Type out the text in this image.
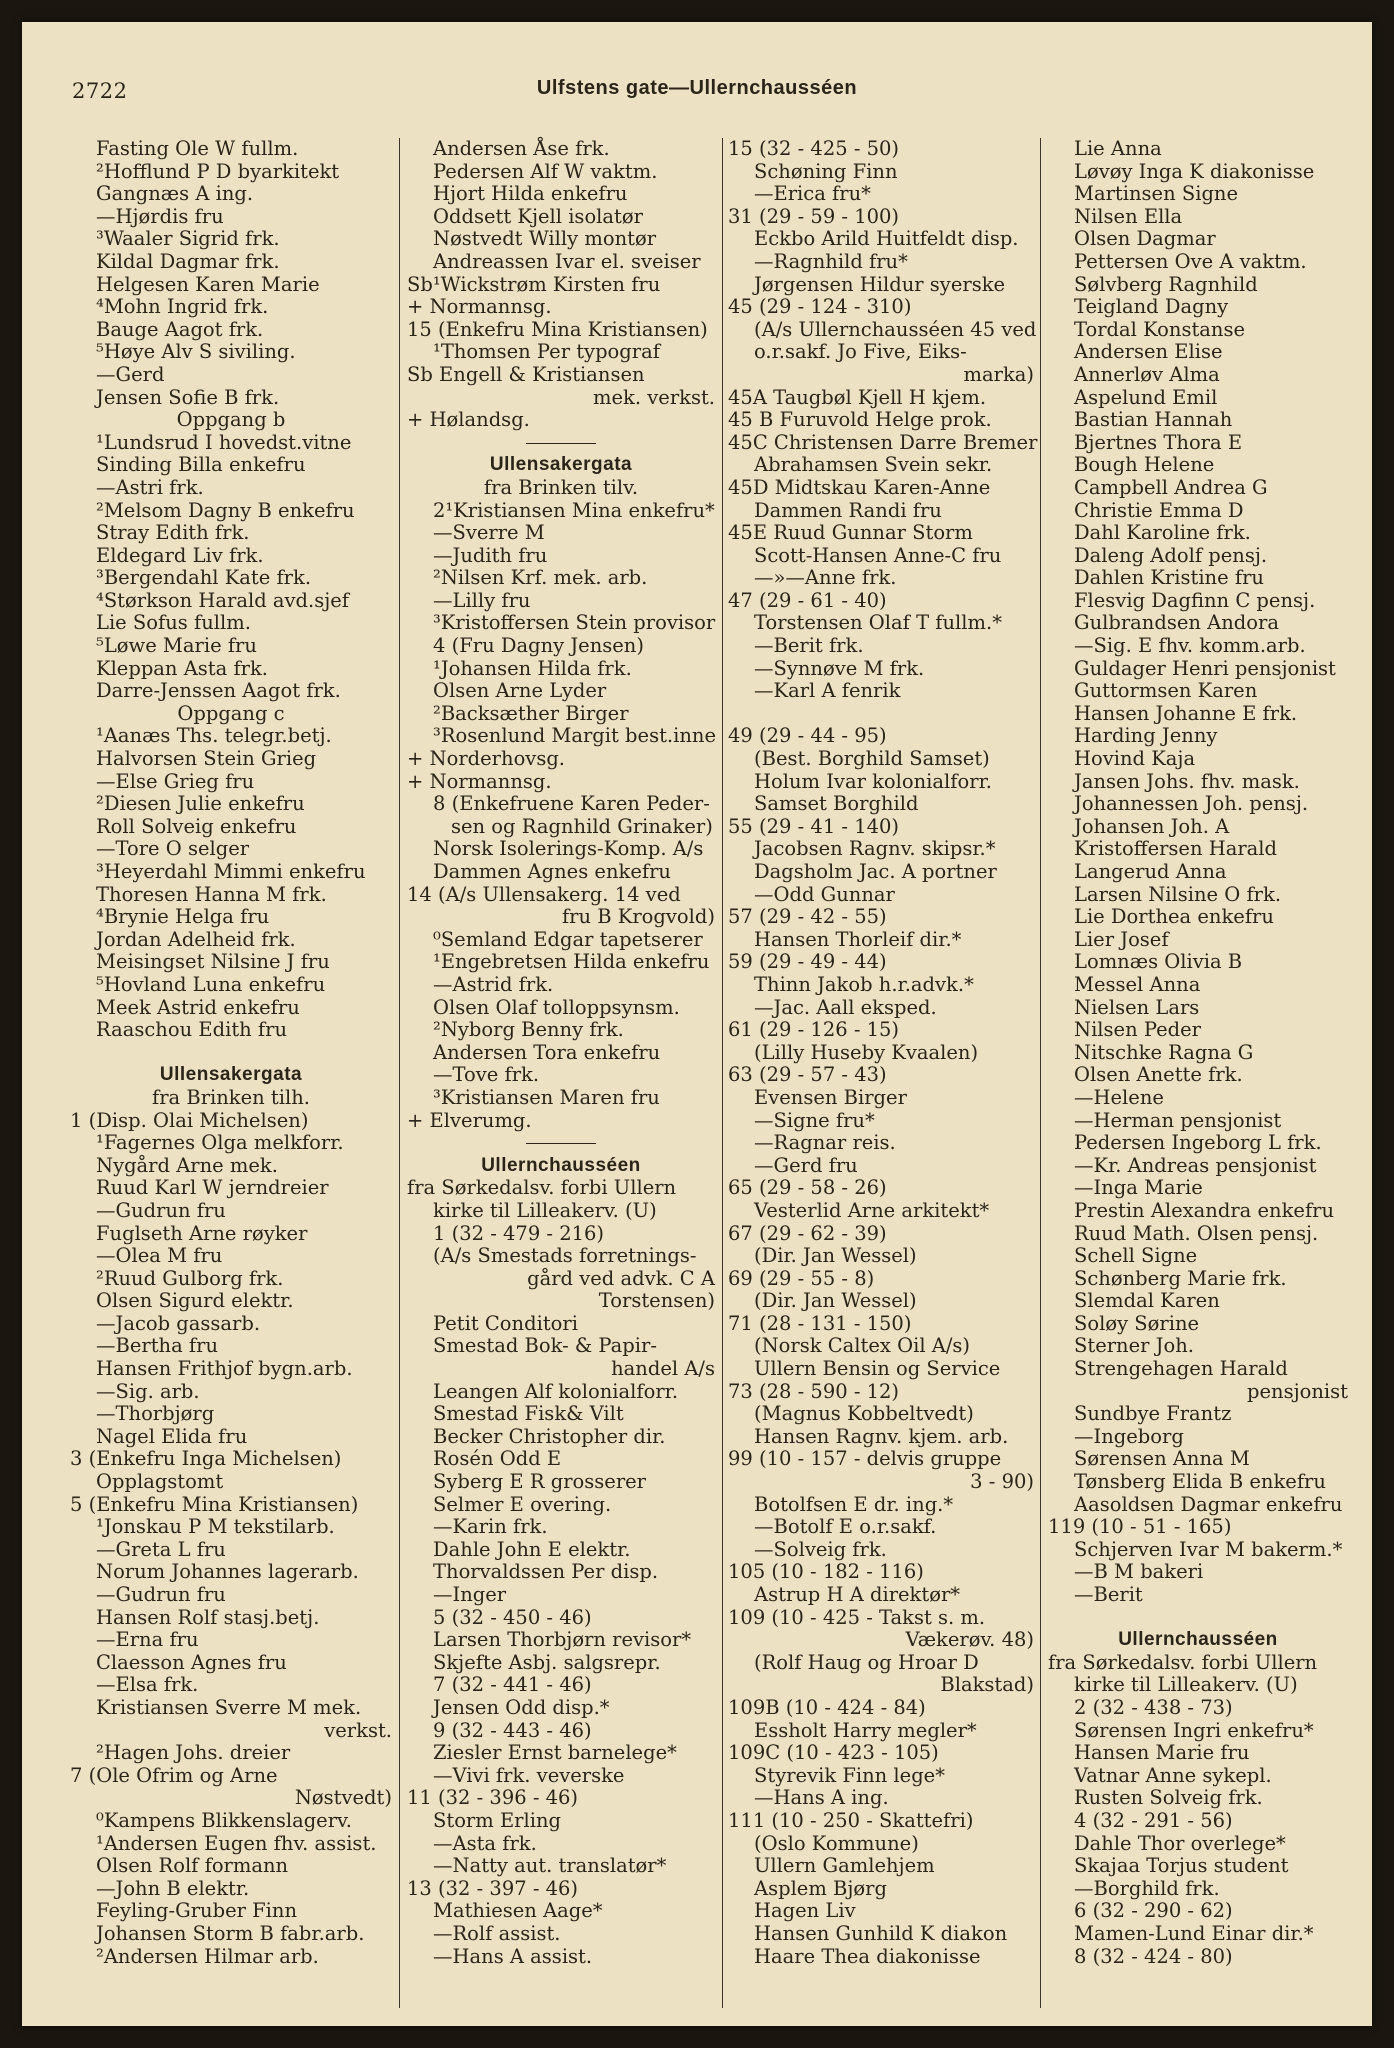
2722	Ulfstens gate—Ullernchausséen
Fasting Ole W fullm.
²Hofflund P D byarkitekt
Gangnæs A ing.
—Hjørdis fru
³Waaler Sigrid frk.
Kildal Dagmar frk.
Helgesen Karen Marie
⁴Mohn Ingrid frk.
Bauge Aagot frk.
⁵Høye Alv S siviling.
—Gerd
Jensen Sofie B frk.
Oppgang b
¹Lundsrud I hovedst.vitne
Sinding Billa enkefru
—Astri frk.
²Melsom Dagny B enkefru
Stray Edith frk.
Eldegard Liv frk.
³Bergendahl Kate frk.
⁴Størkson Harald avd.sjef
Lie Sofus fullm.
⁵Løwe Marie fru
Kleppan Asta frk.
Darre-Jenssen Aagot frk.
Oppgang c
¹Aanæs Ths. telegr.betj.
Halvorsen Stein Grieg
—Else Grieg fru
²Diesen Julie enkefru
Roll Solveig enkefru
—Tore O selger
³Heyerdahl Mimmi enkefru
Thoresen Hanna M frk.
⁴Brynie Helga fru
Jordan Adelheid frk.
Meisingset Nilsine J fru
⁵Hovland Luna enkefru
Meek Astrid enkefru
Raaschou Edith fru
Ullensakergata
fra Brinken tilh.
1 (Disp. Olai Michelsen)
¹Fagernes Olga melkforr.
Nygård Arne mek.
Ruud Karl W jerndreier
—Gudrun fru
Fuglseth Arne røyker
—Olea M fru
²Ruud Gulborg frk.
Olsen Sigurd elektr.
—Jacob gassarb.
—Bertha fru
Hansen Frithjof bygn.arb.
—Sig. arb.
—Thorbjørg
Nagel Elida fru
3 (Enkefru Inga Michelsen)
Opplagstomt
5 (Enkefru Mina Kristiansen)
¹Jonskau P M tekstilarb.
—Greta L fru
Norum Johannes lagerarb.
—Gudrun fru
Hansen Rolf stasj.betj.
—Erna fru
Claesson Agnes fru
—Elsa frk.
Kristiansen Sverre M mek.
verkst.
²Hagen Johs. dreier
7 (Ole Ofrim og Arne
Nøstvedt)
⁰Kampens Blikkenslagerv.
¹Andersen Eugen fhv. assist.
Olsen Rolf formann
—John B elektr.
Feyling-Gruber Finn
Johansen Storm B fabr.arb.
²Andersen Hilmar arb.
Andersen Åse frk.
Pedersen Alf W vaktm.
Hjort Hilda enkefru
Oddsett Kjell isolatør
Nøstvedt Willy montør
Andreassen Ivar el. sveiser
Sb¹Wickstrøm Kirsten fru
+ Normannsg.
15 (Enkefru Mina Kristiansen)
¹Thomsen Per typograf
Sb Engell & Kristiansen
mek. verkst.
+ Hølandsg.
Ullensakergata
fra Brinken tilv.
2¹Kristiansen Mina enkefru*
—Sverre M
—Judith fru
²Nilsen Krf. mek. arb.
—Lilly fru
³Kristoffersen Stein provisor
4 (Fru Dagny Jensen)
¹Johansen Hilda frk.
Olsen Arne Lyder
²Backsæther Birger
³Rosenlund Margit best.inne
+ Norderhovsg.
+ Normannsg.
8 (Enkefruene Karen Peder-
sen og Ragnhild Grinaker)
Norsk Isolerings-Komp. A/s
Dammen Agnes enkefru
14 (A/s Ullensakerg. 14 ved
fru B Krogvold)
⁰Semland Edgar tapetserer
¹Engebretsen Hilda enkefru
—Astrid frk.
Olsen Olaf tolloppsynsm.
²Nyborg Benny frk.
Andersen Tora enkefru
—Tove frk.
³Kristiansen Maren fru
+ Elverumg.
Ullernchausséen
fra Sørkedalsv. forbi Ullern
kirke til Lilleakerv. (U)
1 (32 - 479 - 216)
(A/s Smestads forretnings-
gård ved advk. C A
Torstensen)
Petit Conditori
Smestad Bok- & Papir-
handel A/s
Leangen Alf kolonialforr.
Smestad Fisk& Vilt
Becker Christopher dir.
Rosén Odd E
Syberg E R grosserer
Selmer E overing.
—Karin frk.
Dahle John E elektr.
Thorvaldssen Per disp.
—Inger
5 (32 - 450 - 46)
Larsen Thorbjørn revisor*
Skjefte Asbj. salgsrepr.
7 (32 - 441 - 46)
Jensen Odd disp.*
9 (32 - 443 - 46)
Ziesler Ernst barnelege*
—Vivi frk. veverske
11 (32 - 396 - 46)
Storm Erling
—Asta frk.
—Natty aut. translatør*
13 (32 - 397 - 46)
Mathiesen Aage*
—Rolf assist.
—Hans A assist.
15 (32 - 425 - 50)
Schøning Finn
—Erica fru*
31 (29 - 59 - 100)
Eckbo Arild Huitfeldt disp.
—Ragnhild fru*
Jørgensen Hildur syerske
45 (29 - 124 - 310)
(A/s Ullernchausséen 45 ved
o.r.sakf. Jo Five, Eiks-
marka)
45A Taugbøl Kjell H kjem.
45 B Furuvold Helge prok.
45C Christensen Darre Bremer
Abrahamsen Svein sekr.
45D Midtskau Karen-Anne
Dammen Randi fru
45E Ruud Gunnar Storm
Scott-Hansen Anne-C fru
—»—Anne frk.
47 (29 - 61 - 40)
Torstensen Olaf T fullm.*
—Berit frk.
—Synnøve M frk.
—Karl A fenrik
49 (29 - 44 - 95)
(Best. Borghild Samset)
Holum Ivar kolonialforr.
Samset Borghild
55 (29 - 41 - 140)
Jacobsen Ragnv. skipsr.*
Dagsholm Jac. A portner
—Odd Gunnar
57 (29 - 42 - 55)
Hansen Thorleif dir.*
59 (29 - 49 - 44)
Thinn Jakob h.r.advk.*
—Jac. Aall eksped.
61 (29 - 126 - 15)
(Lilly Huseby Kvaalen)
63 (29 - 57 - 43)
Evensen Birger
—Signe fru*
—Ragnar reis.
—Gerd fru
65 (29 - 58 - 26)
Vesterlid Arne arkitekt*
67 (29 - 62 - 39)
(Dir. Jan Wessel)
69 (29 - 55 - 8)
(Dir. Jan Wessel)
71 (28 - 131 - 150)
(Norsk Caltex Oil A/s)
Ullern Bensin og Service
73 (28 - 590 - 12)
(Magnus Kobbeltvedt)
Hansen Ragnv. kjem. arb.
99 (10 - 157 - delvis gruppe
3 - 90)
Botolfsen E dr. ing.*
—Botolf E o.r.sakf.
—Solveig frk.
105 (10 - 182 - 116)
Astrup H A direktør*
109 (10 - 425 - Takst s. m.
Vækerøv. 48)
(Rolf Haug og Hroar D
Blakstad)
109B (10 - 424 - 84)
Essholt Harry megler*
109C (10 - 423 - 105)
Styrevik Finn lege*
—Hans A ing.
111 (10 - 250 - Skattefri)
(Oslo Kommune)
Ullern Gamlehjem
Asplem Bjørg
Hagen Liv
Hansen Gunhild K diakon
Haare Thea diakonisse
Lie Anna
Løvøy Inga K diakonisse
Martinsen Signe
Nilsen Ella
Olsen Dagmar
Pettersen Ove A vaktm.
Sølvberg Ragnhild
Teigland Dagny
Tordal Konstanse
Andersen Elise
Annerløv Alma
Aspelund Emil
Bastian Hannah
Bjertnes Thora E
Bough Helene
Campbell Andrea G
Christie Emma D
Dahl Karoline frk.
Daleng Adolf pensj.
Dahlen Kristine fru
Flesvig Dagfinn C pensj.
Gulbrandsen Andora
—Sig. E fhv. komm.arb.
Guldager Henri pensjonist
Guttormsen Karen
Hansen Johanne E frk.
Harding Jenny
Hovind Kaja
Jansen Johs. fhv. mask.
Johannessen Joh. pensj.
Johansen Joh. A
Kristoffersen Harald
Langerud Anna
Larsen Nilsine O frk.
Lie Dorthea enkefru
Lier Josef
Lomnæs Olivia B
Messel Anna
Nielsen Lars
Nilsen Peder
Nitschke Ragna G
Olsen Anette frk.
—Helene
—Herman pensjonist
Pedersen Ingeborg L frk.
—Kr. Andreas pensjonist
—Inga Marie
Prestin Alexandra enkefru
Ruud Math. Olsen pensj.
Schell Signe
Schønberg Marie frk.
Slemdal Karen
Soløy Sørine
Sterner Joh.
Strengehagen Harald
pensjonist
Sundbye Frantz
—Ingeborg
Sørensen Anna M
Tønsberg Elida B enkefru
Aasoldsen Dagmar enkefru
119 (10 - 51 - 165)
Schjerven Ivar M bakerm.*
—B M bakeri
—Berit
Ullernchausséen
fra Sørkedalsv. forbi Ullern
kirke til Lilleakerv. (U)
2 (32 - 438 - 73)
Sørensen Ingri enkefru*
Hansen Marie fru
Vatnar Anne sykepl.
Rusten Solveig frk.
4 (32 - 291 - 56)
Dahle Thor overlege*
Skajaa Torjus student
—Borghild frk.
6 (32 - 290 - 62)
Mamen-Lund Einar dir.*
8 (32 - 424 - 80)
